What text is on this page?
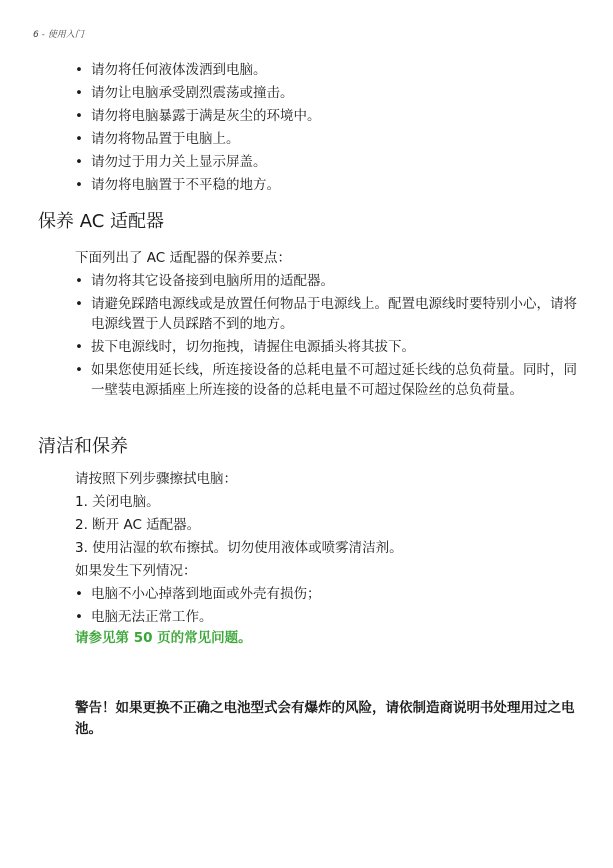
6 - 使用入门
• 请勿将任何液体泼洒到电脑。
• 请勿让电脑承受剧烈震荡或撞击。
• 请勿将电脑暴露于满是灰尘的环境中。
• 请勿将物品置于电脑上。
• 请勿过于用力关上显示屏盖。
• 请勿将电脑置于不平稳的地方。
保养 AC 适配器
下面列出了 AC 适配器的保养要点：
• 请勿将其它设备接到电脑所用的适配器。
• 请避免踩踏电源线或是放置任何物品于电源线上。配置电源线时要特别小心，请将电源线置于人员踩踏不到的地方。
• 拔下电源线时，切勿拖拽，请握住电源插头将其拔下。
• 如果您使用延长线，所连接设备的总耗电量不可超过延长线的总负荷量。同时，同一壁装电源插座上所连接的设备的总耗电量不可超过保险丝的总负荷量。
清洁和保养
请按照下列步骤擦拭电脑：
1. 关闭电脑。
2. 断开 AC 适配器。
3. 使用沾湿的软布擦拭。切勿使用液体或喷雾清洁剂。
如果发生下列情况：
• 电脑不小心掉落到地面或外壳有损伤；
• 电脑无法正常工作。
请参见第 50 页的常见问题。
警告！如果更换不正确之电池型式会有爆炸的风险，请依制造商说明书处理用过之电池。
